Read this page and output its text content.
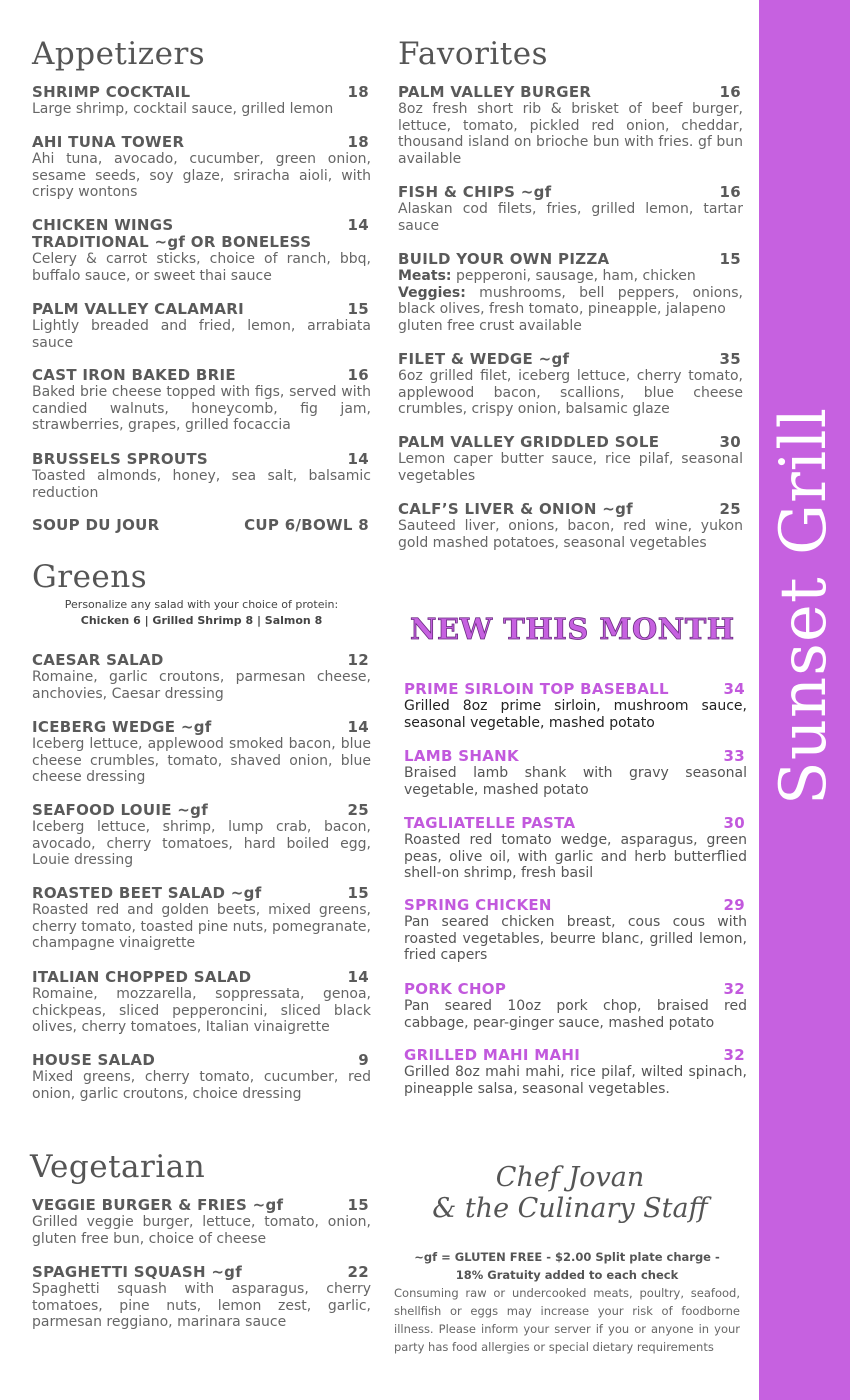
Sunset Grill
Appetizers
SHRIMP COCKTAIL	18
Large shrimp, cocktail sauce, grilled lemon
AHI TUNA TOWER	18
Ahi tuna, avocado, cucumber, green onion, sesame seeds, soy glaze, sriracha aioli, with crispy wontons
CHICKEN WINGS	14
TRADITIONAL ~gf OR BONELESS
Celery & carrot sticks, choice of ranch, bbq, buffalo sauce, or sweet thai sauce
PALM VALLEY CALAMARI	15
Lightly breaded and fried, lemon, arrabiata sauce
CAST IRON BAKED BRIE	16
Baked brie cheese topped with figs, served with candied walnuts, honeycomb, fig jam, strawberries, grapes, grilled focaccia
BRUSSELS SPROUTS	14
Toasted almonds, honey, sea salt, balsamic reduction
SOUP DU JOUR	CUP 6/BOWL 8
Greens
Personalize any salad with your choice of protein:
Chicken 6 | Grilled Shrimp 8 | Salmon 8
CAESAR SALAD	12
Romaine, garlic croutons, parmesan cheese, anchovies, Caesar dressing
ICEBERG WEDGE ~gf	14
Iceberg lettuce, applewood smoked bacon, blue cheese crumbles, tomato, shaved onion, blue cheese dressing
SEAFOOD LOUIE ~gf	25
Iceberg lettuce, shrimp, lump crab, bacon, avocado, cherry tomatoes, hard boiled egg, Louie dressing
ROASTED BEET SALAD ~gf	15
Roasted red and golden beets, mixed greens, cherry tomato, toasted pine nuts, pomegranate, champagne vinaigrette
ITALIAN CHOPPED SALAD	14
Romaine, mozzarella, soppressata, genoa, chickpeas, sliced pepperoncini, sliced black olives, cherry tomatoes, Italian vinaigrette
HOUSE SALAD	9
Mixed greens, cherry tomato, cucumber, red onion, garlic croutons, choice dressing
Vegetarian
VEGGIE BURGER & FRIES ~gf	15
Grilled veggie burger, lettuce, tomato, onion, gluten free bun, choice of cheese
SPAGHETTI SQUASH ~gf	22
Spaghetti squash with asparagus, cherry tomatoes, pine nuts, lemon zest, garlic, parmesan reggiano, marinara sauce
Favorites
PALM VALLEY BURGER	16
8oz fresh short rib & brisket of beef burger, lettuce, tomato, pickled red onion, cheddar, thousand island on brioche bun with fries. gf bun available
FISH & CHIPS ~gf	16
Alaskan cod filets, fries, grilled lemon, tartar sauce
BUILD YOUR OWN PIZZA	15
Meats: pepperoni, sausage, ham, chicken
Veggies: mushrooms, bell peppers, onions, black olives, fresh tomato, pineapple, jalapeno
gluten free crust available
FILET & WEDGE ~gf	35
6oz grilled filet, iceberg lettuce, cherry tomato, applewood bacon, scallions, blue cheese crumbles, crispy onion, balsamic glaze
PALM VALLEY GRIDDLED SOLE	30
Lemon caper butter sauce, rice pilaf, seasonal vegetables
CALF’S LIVER & ONION ~gf	25
Sauteed liver, onions, bacon, red wine, yukon gold mashed potatoes, seasonal vegetables
NEW THIS MONTH
PRIME SIRLOIN TOP BASEBALL	34
Grilled 8oz prime sirloin, mushroom sauce, seasonal vegetable, mashed potato
LAMB SHANK	33
Braised lamb shank with gravy seasonal vegetable, mashed potato
TAGLIATELLE PASTA	30
Roasted red tomato wedge, asparagus, green peas, olive oil, with garlic and herb butterflied shell-on shrimp, fresh basil
SPRING CHICKEN	29
Pan seared chicken breast, cous cous with roasted vegetables, beurre blanc, grilled lemon, fried capers
PORK CHOP	32
Pan seared 10oz pork chop, braised red cabbage, pear-ginger sauce, mashed potato
GRILLED MAHI MAHI	32
Grilled 8oz mahi mahi, rice pilaf, wilted spinach, pineapple salsa, seasonal vegetables.
Chef Jovan
& the Culinary Staff
~gf = GLUTEN FREE - $2.00 Split plate charge -
18% Gratuity added to each check
Consuming raw or undercooked meats, poultry, seafood, shellfish or eggs may increase your risk of foodborne illness. Please inform your server if you or anyone in your party has food allergies or special dietary requirements
